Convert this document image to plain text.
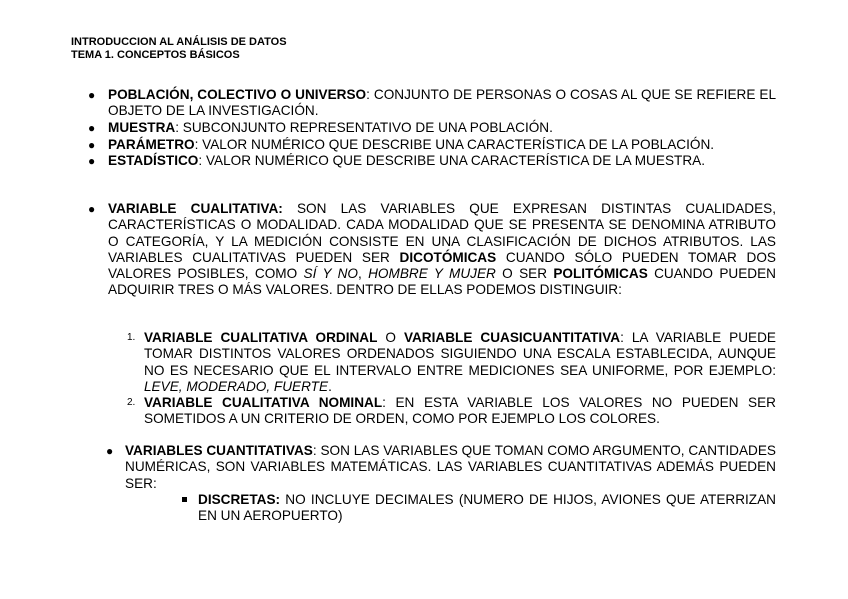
INTRODUCCION AL ANÁLISIS DE DATOS
TEMA 1. CONCEPTOS BÁSICOS
● POBLACIÓN, COLECTIVO O UNIVERSO: CONJUNTO DE PERSONAS O COSAS AL QUE SE REFIERE EL OBJETO DE LA INVESTIGACIÓN.
● MUESTRA: SUBCONJUNTO REPRESENTATIVO DE UNA POBLACIÓN.
● PARÁMETRO: VALOR NUMÉRICO QUE DESCRIBE UNA CARACTERÍSTICA DE LA POBLACIÓN.
● ESTADÍSTICO: VALOR NUMÉRICO QUE DESCRIBE UNA CARACTERÍSTICA DE LA MUESTRA.
● VARIABLE CUALITATIVA: SON LAS VARIABLES QUE EXPRESAN DISTINTAS CUALIDADES, CARACTERÍSTICAS O MODALIDAD. CADA MODALIDAD QUE SE PRESENTA SE DENOMINA ATRIBUTO O CATEGORÍA, Y LA MEDICIÓN CONSISTE EN UNA CLASIFICACIÓN DE DICHOS ATRIBUTOS. LAS VARIABLES CUALITATIVAS PUEDEN SER DICOTÓMICAS CUANDO SÓLO PUEDEN TOMAR DOS VALORES POSIBLES, COMO SÍ Y NO, HOMBRE Y MUJER O SER POLITÓMICAS CUANDO PUEDEN ADQUIRIR TRES O MÁS VALORES. DENTRO DE ELLAS PODEMOS DISTINGUIR:
1. VARIABLE CUALITATIVA ORDINAL O VARIABLE CUASICUANTITATIVA: LA VARIABLE PUEDE TOMAR DISTINTOS VALORES ORDENADOS SIGUIENDO UNA ESCALA ESTABLECIDA, AUNQUE NO ES NECESARIO QUE EL INTERVALO ENTRE MEDICIONES SEA UNIFORME, POR EJEMPLO: LEVE, MODERADO, FUERTE.
2. VARIABLE CUALITATIVA NOMINAL: EN ESTA VARIABLE LOS VALORES NO PUEDEN SER SOMETIDOS A UN CRITERIO DE ORDEN, COMO POR EJEMPLO LOS COLORES.
● VARIABLES CUANTITATIVAS: SON LAS VARIABLES QUE TOMAN COMO ARGUMENTO, CANTIDADES NUMÉRICAS, SON VARIABLES MATEMÁTICAS. LAS VARIABLES CUANTITATIVAS ADEMÁS PUEDEN SER:
DISCRETAS: NO INCLUYE DECIMALES (NUMERO DE HIJOS, AVIONES QUE ATERRIZAN EN UN AEROPUERTO)
